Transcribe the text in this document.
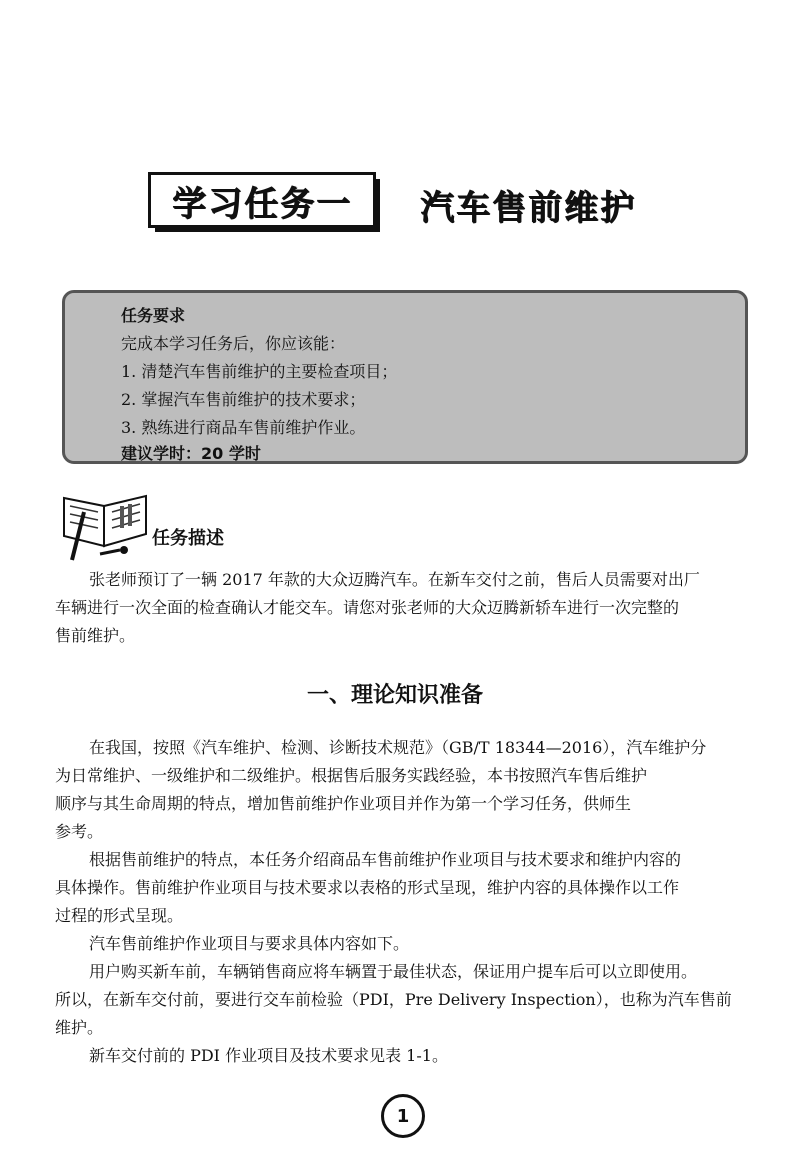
学习任务一 汽车售前维护
任务要求
完成本学习任务后，你应该能：
1. 清楚汽车售前维护的主要检查项目；
2. 掌握汽车售前维护的技术要求；
3. 熟练进行商品车售前维护作业。
建议学时：20 学时
任务描述
张老师预订了一辆 2017 年款的大众迈腾汽车。在新车交付之前，售后人员需要对出厂
车辆进行一次全面的检查确认才能交车。请您对张老师的大众迈腾新轿车进行一次完整的
售前维护。
一、理论知识准备
在我国，按照《汽车维护、检测、诊断技术规范》（GB/T 18344—2016），汽车维护分
为日常维护、一级维护和二级维护。根据售后服务实践经验，本书按照汽车售后维护
顺序与其生命周期的特点，增加售前维护作业项目并作为第一个学习任务，供师生
参考。
根据售前维护的特点，本任务介绍商品车售前维护作业项目与技术要求和维护内容的
具体操作。售前维护作业项目与技术要求以表格的形式呈现，维护内容的具体操作以工作
过程的形式呈现。
汽车售前维护作业项目与要求具体内容如下。
用户购买新车前，车辆销售商应将车辆置于最佳状态，保证用户提车后可以立即使用。
所以，在新车交付前，要进行交车前检验（PDI，Pre Delivery Inspection），也称为汽车售前
维护。
新车交付前的 PDI 作业项目及技术要求见表 1-1。
1
